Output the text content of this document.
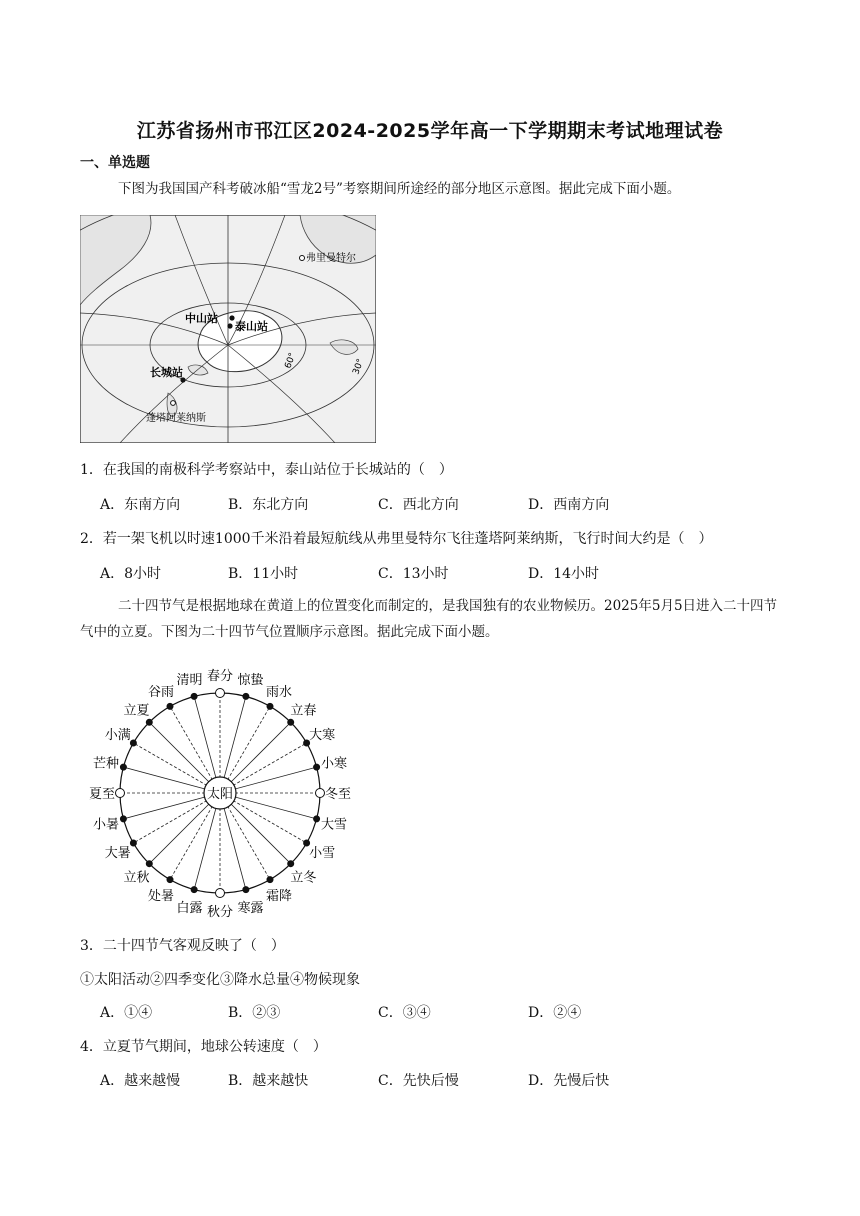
江苏省扬州市邗江区2024-2025学年高一下学期期末考试地理试卷
一、单选题
下图为我国国产科考破冰船“雪龙2号”考察期间所途经的部分地区示意图。据此完成下面小题。
弗里曼特尔
中山站
泰山站
长城站
蓬塔阿莱纳斯
60°	30°
1．在我国的南极科学考察站中，泰山站位于长城站的（　）
A．东南方向	B．东北方向	C．西北方向	D．西南方向
2．若一架飞机以时速1000千米沿着最短航线从弗里曼特尔飞往蓬塔阿莱纳斯，飞行时间大约是（　）
A．8小时	B．11小时	C．13小时	D．14小时
二十四节气是根据地球在黄道上的位置变化而制定的，是我国独有的农业物候历。2025年5月5日进入二十四节气中的立夏。下图为二十四节气位置顺序示意图。据此完成下面小题。
春分 惊蛰
雨水
立春
大寒
小寒
冬至
大雪
小雪
立冬
霜降
寒露
秋分
白露
处暑
立秋
大暑
小暑
夏至
芒种
小满
立夏
谷雨
清明
太阳
3．二十四节气客观反映了（　）
①太阳活动②四季变化③降水总量④物候现象
A．①④	B．②③	C．③④	D．②④
4．立夏节气期间，地球公转速度（　）
A．越来越慢	B．越来越快	C．先快后慢	D．先慢后快
